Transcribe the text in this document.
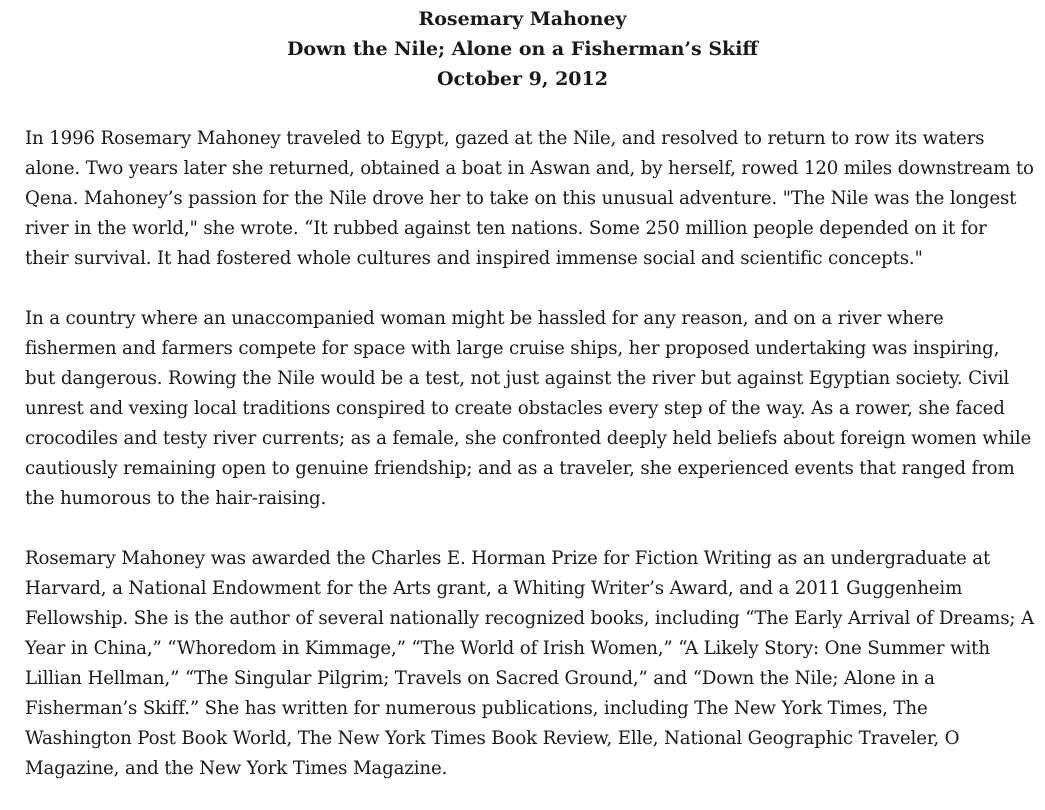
Rosemary Mahoney
Down the Nile; Alone on a Fisherman’s Skiff
October 9, 2012

In 1996 Rosemary Mahoney traveled to Egypt, gazed at the Nile, and resolved to return to row its waters alone. Two years later she returned, obtained a boat in Aswan and, by herself, rowed 120 miles downstream to Qena. Mahoney’s passion for the Nile drove her to take on this unusual adventure. "The Nile was the longest river in the world," she wrote. “It rubbed against ten nations. Some 250 million people depended on it for their survival. It had fostered whole cultures and inspired immense social and scientific concepts."

In a country where an unaccompanied woman might be hassled for any reason, and on a river where fishermen and farmers compete for space with large cruise ships, her proposed undertaking was inspiring, but dangerous. Rowing the Nile would be a test, not just against the river but against Egyptian society. Civil unrest and vexing local traditions conspired to create obstacles every step of the way. As a rower, she faced crocodiles and testy river currents; as a female, she confronted deeply held beliefs about foreign women while cautiously remaining open to genuine friendship; and as a traveler, she experienced events that ranged from the humorous to the hair-raising.

Rosemary Mahoney was awarded the Charles E. Horman Prize for Fiction Writing as an undergraduate at Harvard, a National Endowment for the Arts grant, a Whiting Writer’s Award, and a 2011 Guggenheim Fellowship. She is the author of several nationally recognized books, including “The Early Arrival of Dreams; A Year in China,” “Whoredom in Kimmage,” “The World of Irish Women,” “A Likely Story: One Summer with Lillian Hellman,” “The Singular Pilgrim; Travels on Sacred Ground,” and “Down the Nile; Alone in a Fisherman’s Skiff.” She has written for numerous publications, including The New York Times, The Washington Post Book World, The New York Times Book Review, Elle, National Geographic Traveler, O Magazine, and the New York Times Magazine.
